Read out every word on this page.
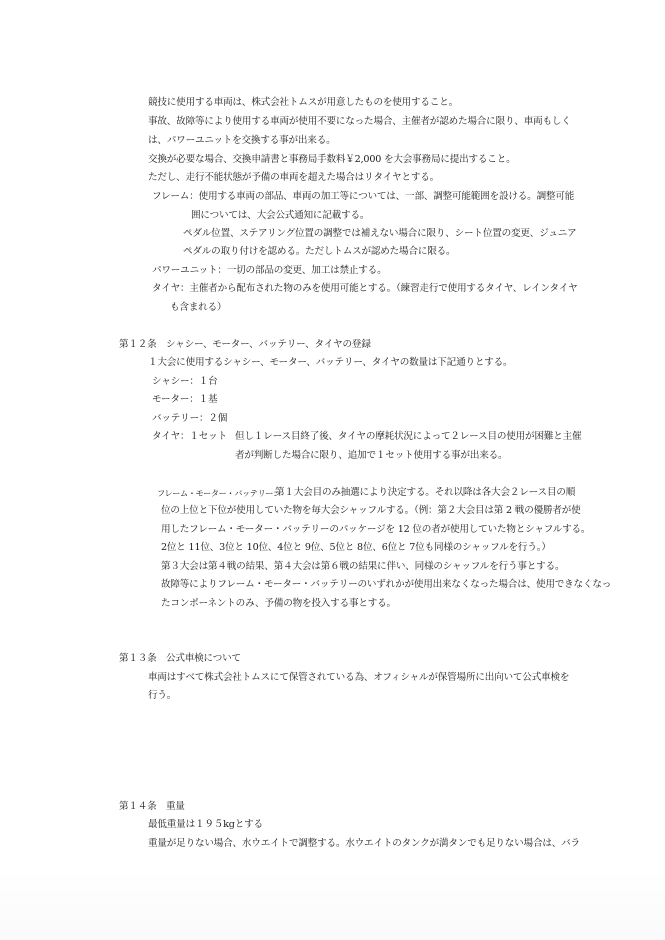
競技に使用する車両は、株式会社トムスが用意したものを使用すること。
事故、故障等により使用する車両が使用不要になった場合、主催者が認めた場合に限り、車両もしく
は、パワーユニットを交換する事が出来る。
交換が必要な場合、交換申請書と事務局手数料￥2,000 を大会事務局に提出すること。
ただし、走行不能状態が予備の車両を超えた場合はリタイヤとする。
フレーム：使用する車両の部品、車両の加工等については、一部、調整可能範囲を設ける。調整可能
囲については、大会公式通知に記載する。
ペダル位置、ステアリング位置の調整では補えない場合に限り、シート位置の変更、ジュニア
ペダルの取り付けを認める。ただしトムスが認めた場合に限る。
パワーユニット：一切の部品の変更、加工は禁止する。
タイヤ：主催者から配布された物のみを使用可能とする。（練習走行で使用するタイヤ、レインタイヤ
も含まれる）
第１２条　シャシー、モーター、バッテリー、タイヤの登録
１大会に使用するシャシー、モーター、バッテリー、タイヤの数量は下記通りとする。
シャシー：１台
モーター：１基
バッテリー：２個
タイヤ：１セット 但し１レース目終了後、タイヤの摩耗状況によって２レース目の使用が困難と主催
者が判断した場合に限り、追加で１セット使用する事が出来る。
フレーム・モーター・バッテリー：
第１大会目のみ抽選により決定する。それ以降は各大会２レース目の順
位の上位と下位が使用していた物を毎大会シャッフルする。（例：第２大会目は第 2 戦の優勝者が使
用したフレーム・モーター・バッテリーのパッケージを 12 位の者が使用していた物とシャフルする。
2位と 11位、3位と 10位、4位と 9位、5位と 8位、6位と 7位も同様のシャッフルを行う。）
第３大会は第４戦の結果、第４大会は第６戦の結果に伴い、同様のシャッフルを行う事とする。
故障等によりフレーム・モーター・バッテリーのいずれかが使用出来なくなった場合は、使用できなくなっ
たコンポーネントのみ、予備の物を投入する事とする。
第１３条　公式車検について
車両はすべて株式会社トムスにて保管されている為、オフィシャルが保管場所に出向いて公式車検を
行う。
第１４条　重量
最低重量は１９５kgとする
重量が足りない場合、水ウエイトで調整する。水ウエイトのタンクが満タンでも足りない場合は、バラ
